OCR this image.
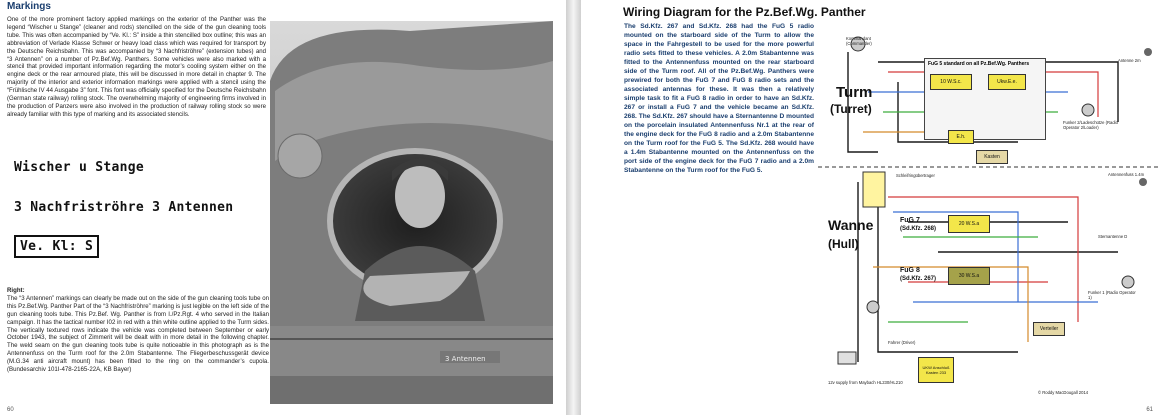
Markings
One of the more prominent factory applied markings on the exterior of the Panther was the legend “Wischer u Stange” (cleaner and rods) stencilled on the side of the gun cleaning tools tube. This was often accompanied by “Ve. Kl.: S” inside a thin stencilled box outline; this was an abbreviation of Verlade Klasse Schwer or heavy load class which was required for transport by the Deutsche Reichsbahn. This was accompanied by “3 Nachfriströhre” (extension tubes) and “3 Antennen” on a number of Pz.Bef.Wg. Panthers. Some vehicles were also marked with a stencil that provided important information regarding the motor’s cooling system either on the engine deck or the rear armoured plate, this will be discussed in more detail in chapter 9. The majority of the interior and exterior information markings were applied with a stencil using the “Frühlische IV 44 Ausgabe 3” font. This font was officially specified for the Deutsche Reichsbahn (German state railway) rolling stock. The overwhelming majority of engineering firms involved in the production of Panzers were also involved in the production of railway rolling stock so were already familiar with this type of marking and its associated stencils.
Wischer u Stange
3 Nachfriströhre 3 Antennen
Ve. Kl: S
Right:
The “3 Antennen” markings can clearly be made out on the side of the gun cleaning tools tube on this Pz.Bef.Wg. Panther Part of the “3 Nachfriströhre” marking is just legible on the left side of the gun cleaning tools tube. This Pz.Bef. Wg. Panther is from I./Pz.Rgt. 4 who served in the Italian campaign. It has the tactical number I02 in red with a thin white outline applied to the Turm sides. The vertically textured rows indicate the vehicle was completed between September or early October 1943, the subject of Zimmerit will be dealt with in more detail in the following chapter. The weld seam on the gun cleaning tools tube is quite noticeable in this photograph as is the Antennenfuss on the Turm roof for the 2.0m Stabantenne. The Fliegerbeschussgerät device (M.G.34 anti aircraft mount) has been fitted to the ring on the commander’s cupola. (Bundesarchiv 101I-478-2165-22A, KB Bayer)
3 Antennen
60
Wiring Diagram for the Pz.Bef.Wg. Panther
The Sd.Kfz. 267 and Sd.Kfz. 268 had the FuG 5 radio mounted on the starboard side of the Turm to allow the space in the Fahrgestell to be used for the more powerful radio sets fitted to these vehicles. A 2.0m Stabantenne was fitted to the Antennenfuss mounted on the rear starboard side of the Turm roof. All of the Pz.Bef.Wg. Panthers were prewired for both the FuG 7 and FuG 8 radio sets and the associated antennas for these. It was then a relatively simple task to fit a FuG 8 radio in order to have an Sd.Kfz. 267 or install a FuG 7 and the vehicle became an Sd.Kfz. 268. The Sd.Kfz. 267 should have a Sternantenne D mounted on the porcelain insulated Antennenfuss Nr.1 at the rear of the engine deck for the FuG 8 radio and a 2.0m Stabantenne on the Turm roof for the FuG 5. The Sd.Kfz. 268 would have a 1.4m Stabantenne mounted on the Antennenfuss on the port side of the engine deck for the FuG 7 radio and a 2.0m Stabantenne on the Turm roof for the FuG 5.
Turm
(Turret)
Wanne
(Hull)
FuG 5 standard on all Pz.Bef.Wg. Panthers
10 W.S.c.	Ukw.E.e.
E.h.
FuG 7
(Sd.Kfz. 268)
20 W.S.a
FuG 8
(Sd.Kfz. 267)	30 W.S.a
Kasten
Verteiler
UKW Anschluß Kasten 233
Kommandant (Commander)
Funker 2/Ladeschütze (Radio Operator 2/Loader)
Funker 1 (Radio Operator 1)
Fahrer (Driver)
Antenne 2m
Antennenfuss 1.4m
Sternantenne D
Schleifringübertrager
12v supply from Maybach HL230/HL210
© Roddy MacDougall 2014
61
